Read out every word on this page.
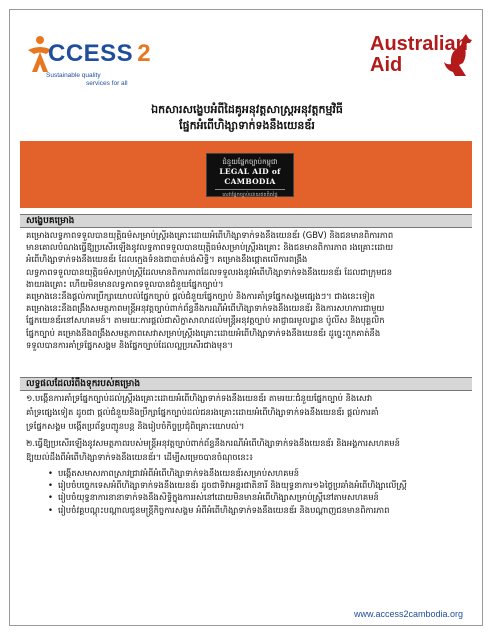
CCESS 2
Sustainable quality
services for all
Australian
Aid
ឯកសារសង្ខេបអំពីដៃគូអនុវត្តសាស្ត្រអនុវត្តកម្មវិធី
ផ្នែកអំពើហិង្សាទាក់ទងនឹងយេនឌ័រ
ជំនួយផ្នែកច្បាប់កម្ពុជា
LEGAL AID of CAMBODIA
សេវាផ្នែកច្បាប់ដោយឥតគិតថ្លៃ
សង្ខេបគម្រោង

គម្រោងលទ្ធភាពទទួលបានយុត្តិធម៌សម្រាប់ស្ត្រីរងគ្រោះដោយអំពើហិង្សាទាក់ទងនឹងយេនឌ័រ (GBV) និងជនមានពិការភាព

មានគោលបំណងធ្វើឱ្យប្រសើរឡើងនូវលទ្ធភាពទទួលបានយុត្តិធម៌សម្រាប់ស្ត្រីរងគ្រោះ និងជនមានពិការភាព រងគ្រោះដោយ

អំពើហិង្សាទាក់ទងនឹងយេនឌ័រ ដែលក្មេងទំនងជាបាត់បង់សិទ្ធិ។ គម្រោងនឹងផ្តោតលើការពង្រឹង

លទ្ធភាពទទួលបានយុត្តិធម៌សម្រាប់ស្ត្រីដែលមានពិការភាពដែលទទួលរងនូវអំពើហិង្សាទាក់ទងនឹងយេនឌ័រ ដែលជាក្រុមជន

ងាយរងគ្រោះ ហើយមិនមានលទ្ធភាពទទួលបានជំនួយផ្នែកច្បាប់។

គម្រោងនេះនឹងផ្តល់ការប្រឹក្សាយោបល់ផ្នែកច្បាប់ ផ្តល់ជំនួយផ្នែកច្បាប់ និងការគាំទ្រផ្នែកសង្គមផ្សេងៗ។ ជាងនេះទៀត

គម្រោងនេះនឹងពង្រឹងសមត្ថភាពមន្ត្រីអនុវត្តច្បាប់ពាក់ព័ន្ធនឹងករណីអំពើហិង្សាទាក់ទងនឹងយេនឌ័រ និងការសហការជាមួយ

ផ្នែកយេនឌ័រនៅសហគមន៍។ តាមរយៈការផ្តល់ជាសិក្ខាសាលាដល់មន្ត្រីអនុវត្តច្បាប់ អាជ្ញាធរមូលដ្ឋាន ប៉ូលីស និងបុគ្គលិក

ផ្នែកច្បាប់ គម្រោងនឹងពង្រឹងសមត្ថភាពសេវាសម្រាប់ស្ត្រីរងគ្រោះដោយអំពើហិង្សាទាក់ទងនឹងយេនឌ័រ ដូច្នេះពួកគាត់នឹង

ទទួលបានការគាំទ្រផ្នែកសង្គម និងផ្នែកច្បាប់ដែលល្អប្រសើរជាងមុន។

លទ្ធផលដែលរំពឹងទុករបស់គម្រោង

១.បង្កើនការគាំទ្រផ្នែកច្បាប់ដល់ស្ត្រីរងគ្រោះដោយអំពើហិង្សាទាក់ទងនឹងយេនឌ័រ តាមរយៈជំនួយផ្នែកច្បាប់ និងសេវា

គាំទ្រផ្សេងទៀត ដូចជា ផ្តល់ជំនួយនិងប្រឹក្សាផ្នែកច្បាប់ដល់ជនរងគ្រោះដោយអំពើហិង្សាទាក់ទងនឹងយេនឌ័រ ផ្តល់ការគាំ

ទ្រផ្នែកសង្គម បង្កើតប្រព័ន្ធបញ្ជូនបន្ត និងរៀបចំកិច្ចប្រជុំពិគ្រោះយោបល់។

២.ធ្វើឱ្យប្រសើរឡើងនូវសមត្ថភាពរបស់មន្ត្រីអនុវត្តច្បាប់ពាក់ព័ន្ធនឹងករណីអំពើហិង្សាទាក់ទងនឹងយេនឌ័រ និងអង្គការសហគមន៍

ឱ្យយល់ដឹងពីអំពើហិង្សាទាក់ទងនឹងយេនឌ័រ។ ដើម្បីសម្រេចបានចំណុចនេះ៖

• បង្កើតសមាសភាពស្រាវជ្រាវអំពីអំពើហិង្សាទាក់ទងនឹងយេនឌ័រសម្រាប់សហគមន៍
• រៀបចំបច្ចេកទេសអំពីហិង្សាទាក់ទងនឹងយេនឌ័រ ដូចជាទិវាអន្តរជាតិនារី និងយុទ្ធនាការ១៦ថ្ងៃប្រឆាំងអំពើហិង្សាលើស្ត្រី
• រៀបចំយុទ្ធនាការនានាទាក់ទងនឹងសិទ្ធិក្នុងការរស់នៅដោយមិនមានអំពើហិង្សាសម្រាប់ស្ត្រីនៅតាមសហគមន៍
• រៀបចំវគ្គបណ្តុះបណ្តាលជូនមន្ត្រីកិច្ចការសង្គម អំពីអំពើហិង្សាទាក់ទងនឹងយេនឌ័រ និងបណ្តាញជនមានពិការភាព
www.access2cambodia.org
